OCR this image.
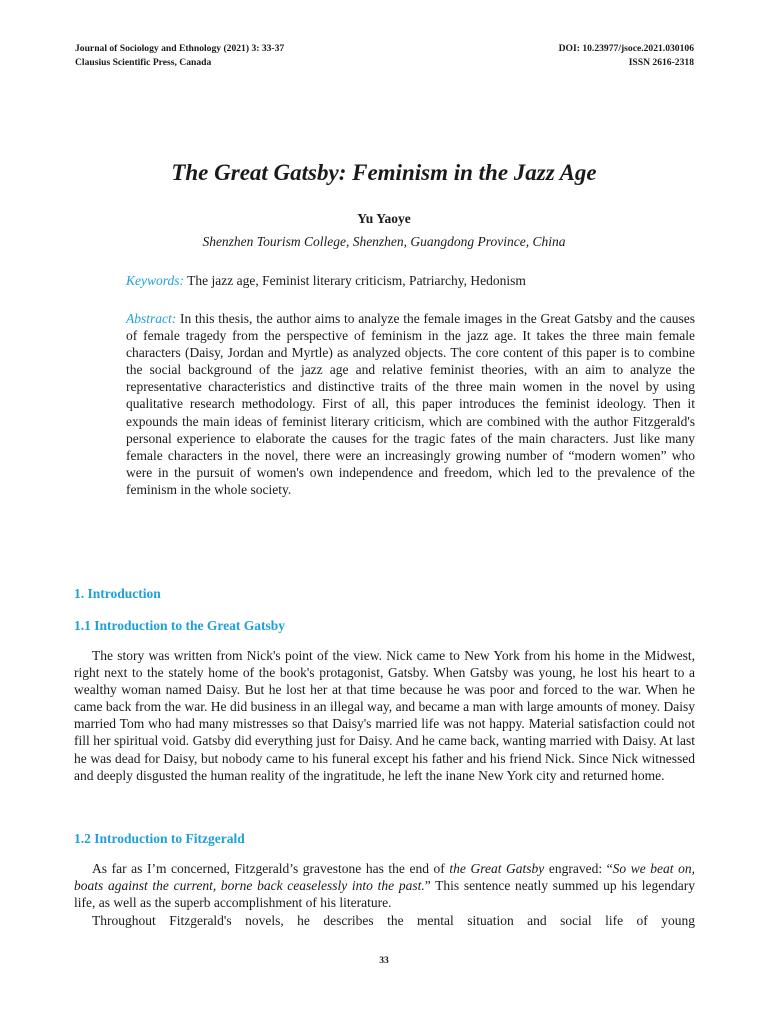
Journal of Sociology and Ethnology (2021) 3: 33-37
Clausius Scientific Press, Canada
DOI: 10.23977/jsoce.2021.030106
ISSN 2616-2318
The Great Gatsby: Feminism in the Jazz Age
Yu Yaoye
Shenzhen Tourism College, Shenzhen, Guangdong Province, China
Keywords: The jazz age, Feminist literary criticism, Patriarchy, Hedonism
Abstract: In this thesis, the author aims to analyze the female images in the Great Gatsby and the causes of female tragedy from the perspective of feminism in the jazz age. It takes the three main female characters (Daisy, Jordan and Myrtle) as analyzed objects. The core content of this paper is to combine the social background of the jazz age and relative feminist theories, with an aim to analyze the representative characteristics and distinctive traits of the three main women in the novel by using qualitative research methodology. First of all, this paper introduces the feminist ideology. Then it expounds the main ideas of feminist literary criticism, which are combined with the author Fitzgerald's personal experience to elaborate the causes for the tragic fates of the main characters. Just like many female characters in the novel, there were an increasingly growing number of “modern women” who were in the pursuit of women's own independence and freedom, which led to the prevalence of the feminism in the whole society.
1. Introduction
1.1 Introduction to the Great Gatsby
The story was written from Nick's point of the view. Nick came to New York from his home in the Midwest, right next to the stately home of the book's protagonist, Gatsby. When Gatsby was young, he lost his heart to a wealthy woman named Daisy. But he lost her at that time because he was poor and forced to the war. When he came back from the war. He did business in an illegal way, and became a man with large amounts of money. Daisy married Tom who had many mistresses so that Daisy's married life was not happy. Material satisfaction could not fill her spiritual void. Gatsby did everything just for Daisy. And he came back, wanting married with Daisy. At last he was dead for Daisy, but nobody came to his funeral except his father and his friend Nick. Since Nick witnessed and deeply disgusted the human reality of the ingratitude, he left the inane New York city and returned home.
1.2 Introduction to Fitzgerald
As far as I’m concerned, Fitzgerald’s gravestone has the end of the Great Gatsby engraved: “So we beat on, boats against the current, borne back ceaselessly into the past.” This sentence neatly summed up his legendary life, as well as the superb accomplishment of his literature.
Throughout Fitzgerald's novels, he describes the mental situation and social life of young
33
